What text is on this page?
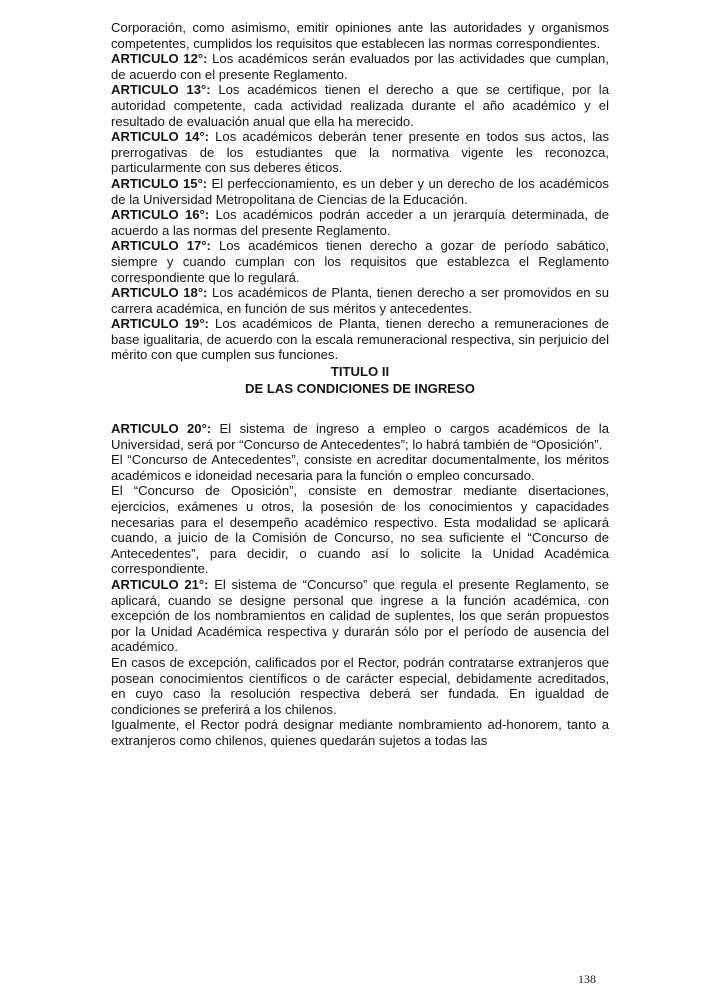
Corporación, como asimismo, emitir opiniones ante las autoridades y organismos competentes, cumplidos los requisitos que establecen las normas correspondientes.

ARTICULO 12°: Los académicos serán evaluados por las actividades que cumplan, de acuerdo con el presente Reglamento.

ARTICULO 13°: Los académicos tienen el derecho a que se certifique, por la autoridad competente, cada actividad realizada durante el año académico y el resultado de evaluación anual que ella ha merecido.

ARTICULO 14°: Los académicos deberán tener presente en todos sus actos, las prerrogativas de los estudiantes que la normativa vigente les reconozca, particularmente con sus deberes éticos.

ARTICULO 15°: El perfeccionamiento, es un deber y un derecho de los académicos de la Universidad Metropolitana de Ciencias de la Educación.

ARTICULO 16°: Los académicos podrán acceder a un jerarquía determinada, de acuerdo a las normas del presente Reglamento.

ARTICULO 17°: Los académicos tienen derecho a gozar de período sabático, siempre y cuando cumplan con los requisitos que establezca el Reglamento correspondiente que lo regulará.

ARTICULO 18°: Los académicos de Planta, tienen derecho a ser promovidos en su carrera académica, en función de sus méritos y antecedentes.

ARTICULO 19°: Los académicos de Planta, tienen derecho a remuneraciones de base igualitaria, de acuerdo con la escala remuneracional respectiva, sin perjuicio del mérito con que cumplen sus funciones.

TITULO II

DE LAS CONDICIONES DE INGRESO

ARTICULO 20°: El sistema de ingreso a empleo o cargos académicos de la Universidad, será por “Concurso de Antecedentes”; lo habrá también de “Oposición”.

El “Concurso de Antecedentes”, consiste en acreditar documentalmente, los méritos académicos e idoneidad necesaria para la función o empleo concursado.

El “Concurso de Oposición”, consiste en demostrar mediante disertaciones, ejercicios, exámenes u otros, la posesión de los conocimientos y capacidades necesarias para el desempeño académico respectivo. Esta modalidad se aplicará cuando, a juicio de la Comisión de Concurso, no sea suficiente el “Concurso de Antecedentes”, para decidir, o cuando así lo solicite la Unidad Académica correspondiente.

ARTICULO 21°: El sistema de “Concurso” que regula el presente Reglamento, se aplicará, cuando se designe personal que ingrese a la función académica, con excepción de los nombramientos en calidad de suplentes, los que serán propuestos por la Unidad Académica respectiva y durarán sólo por el período de ausencia del académico.

En casos de excepción, calificados por el Rector, podrán contratarse extranjeros que posean conocimientos científicos o de carácter especial, debidamente acreditados, en cuyo caso la resolución respectiva deberá ser fundada. En igualdad de condiciones se preferirá a los chilenos.

Igualmente, el Rector podrá designar mediante nombramiento ad-honorem, tanto a extranjeros como chilenos, quienes quedarán sujetos a todas las

138
